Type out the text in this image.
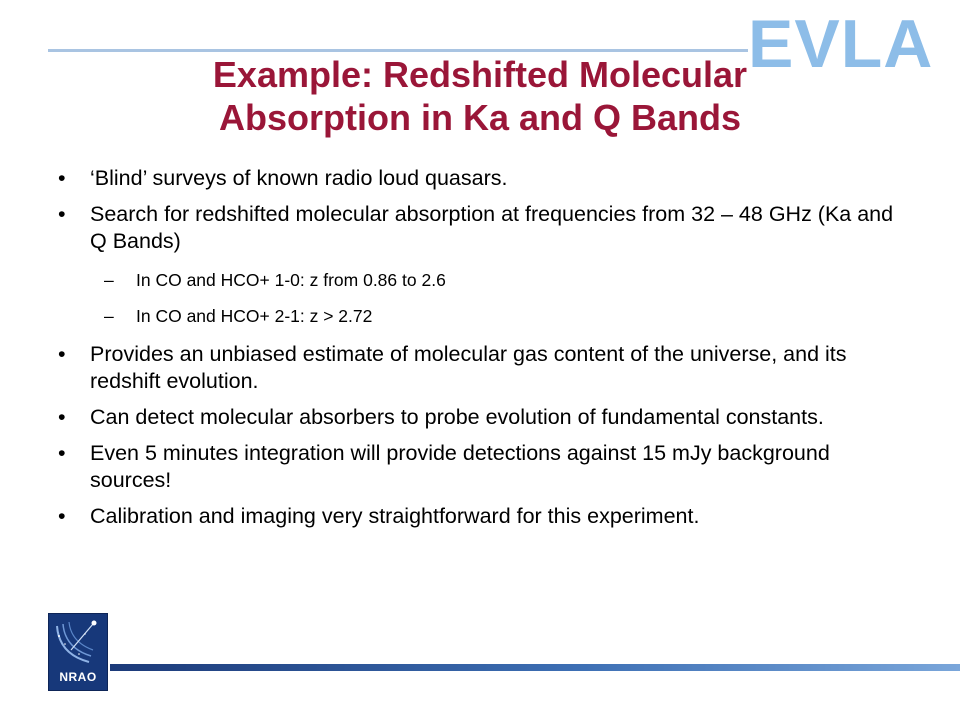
EVLA
Example: Redshifted Molecular
Absorption in Ka and Q Bands
• ‘Blind’ surveys of known radio loud quasars.
• Search for redshifted molecular absorption at frequencies from 32 – 48 GHz (Ka and Q Bands)
– In CO and HCO+ 1-0: z from 0.86 to 2.6
– In CO and HCO+ 2-1: z > 2.72
• Provides an unbiased estimate of molecular gas content of the universe, and its redshift evolution.
• Can detect molecular absorbers to probe evolution of fundamental constants.
• Even 5 minutes integration will provide detections against 15 mJy background sources!
• Calibration and imaging very straightforward for this experiment.
NRAO
